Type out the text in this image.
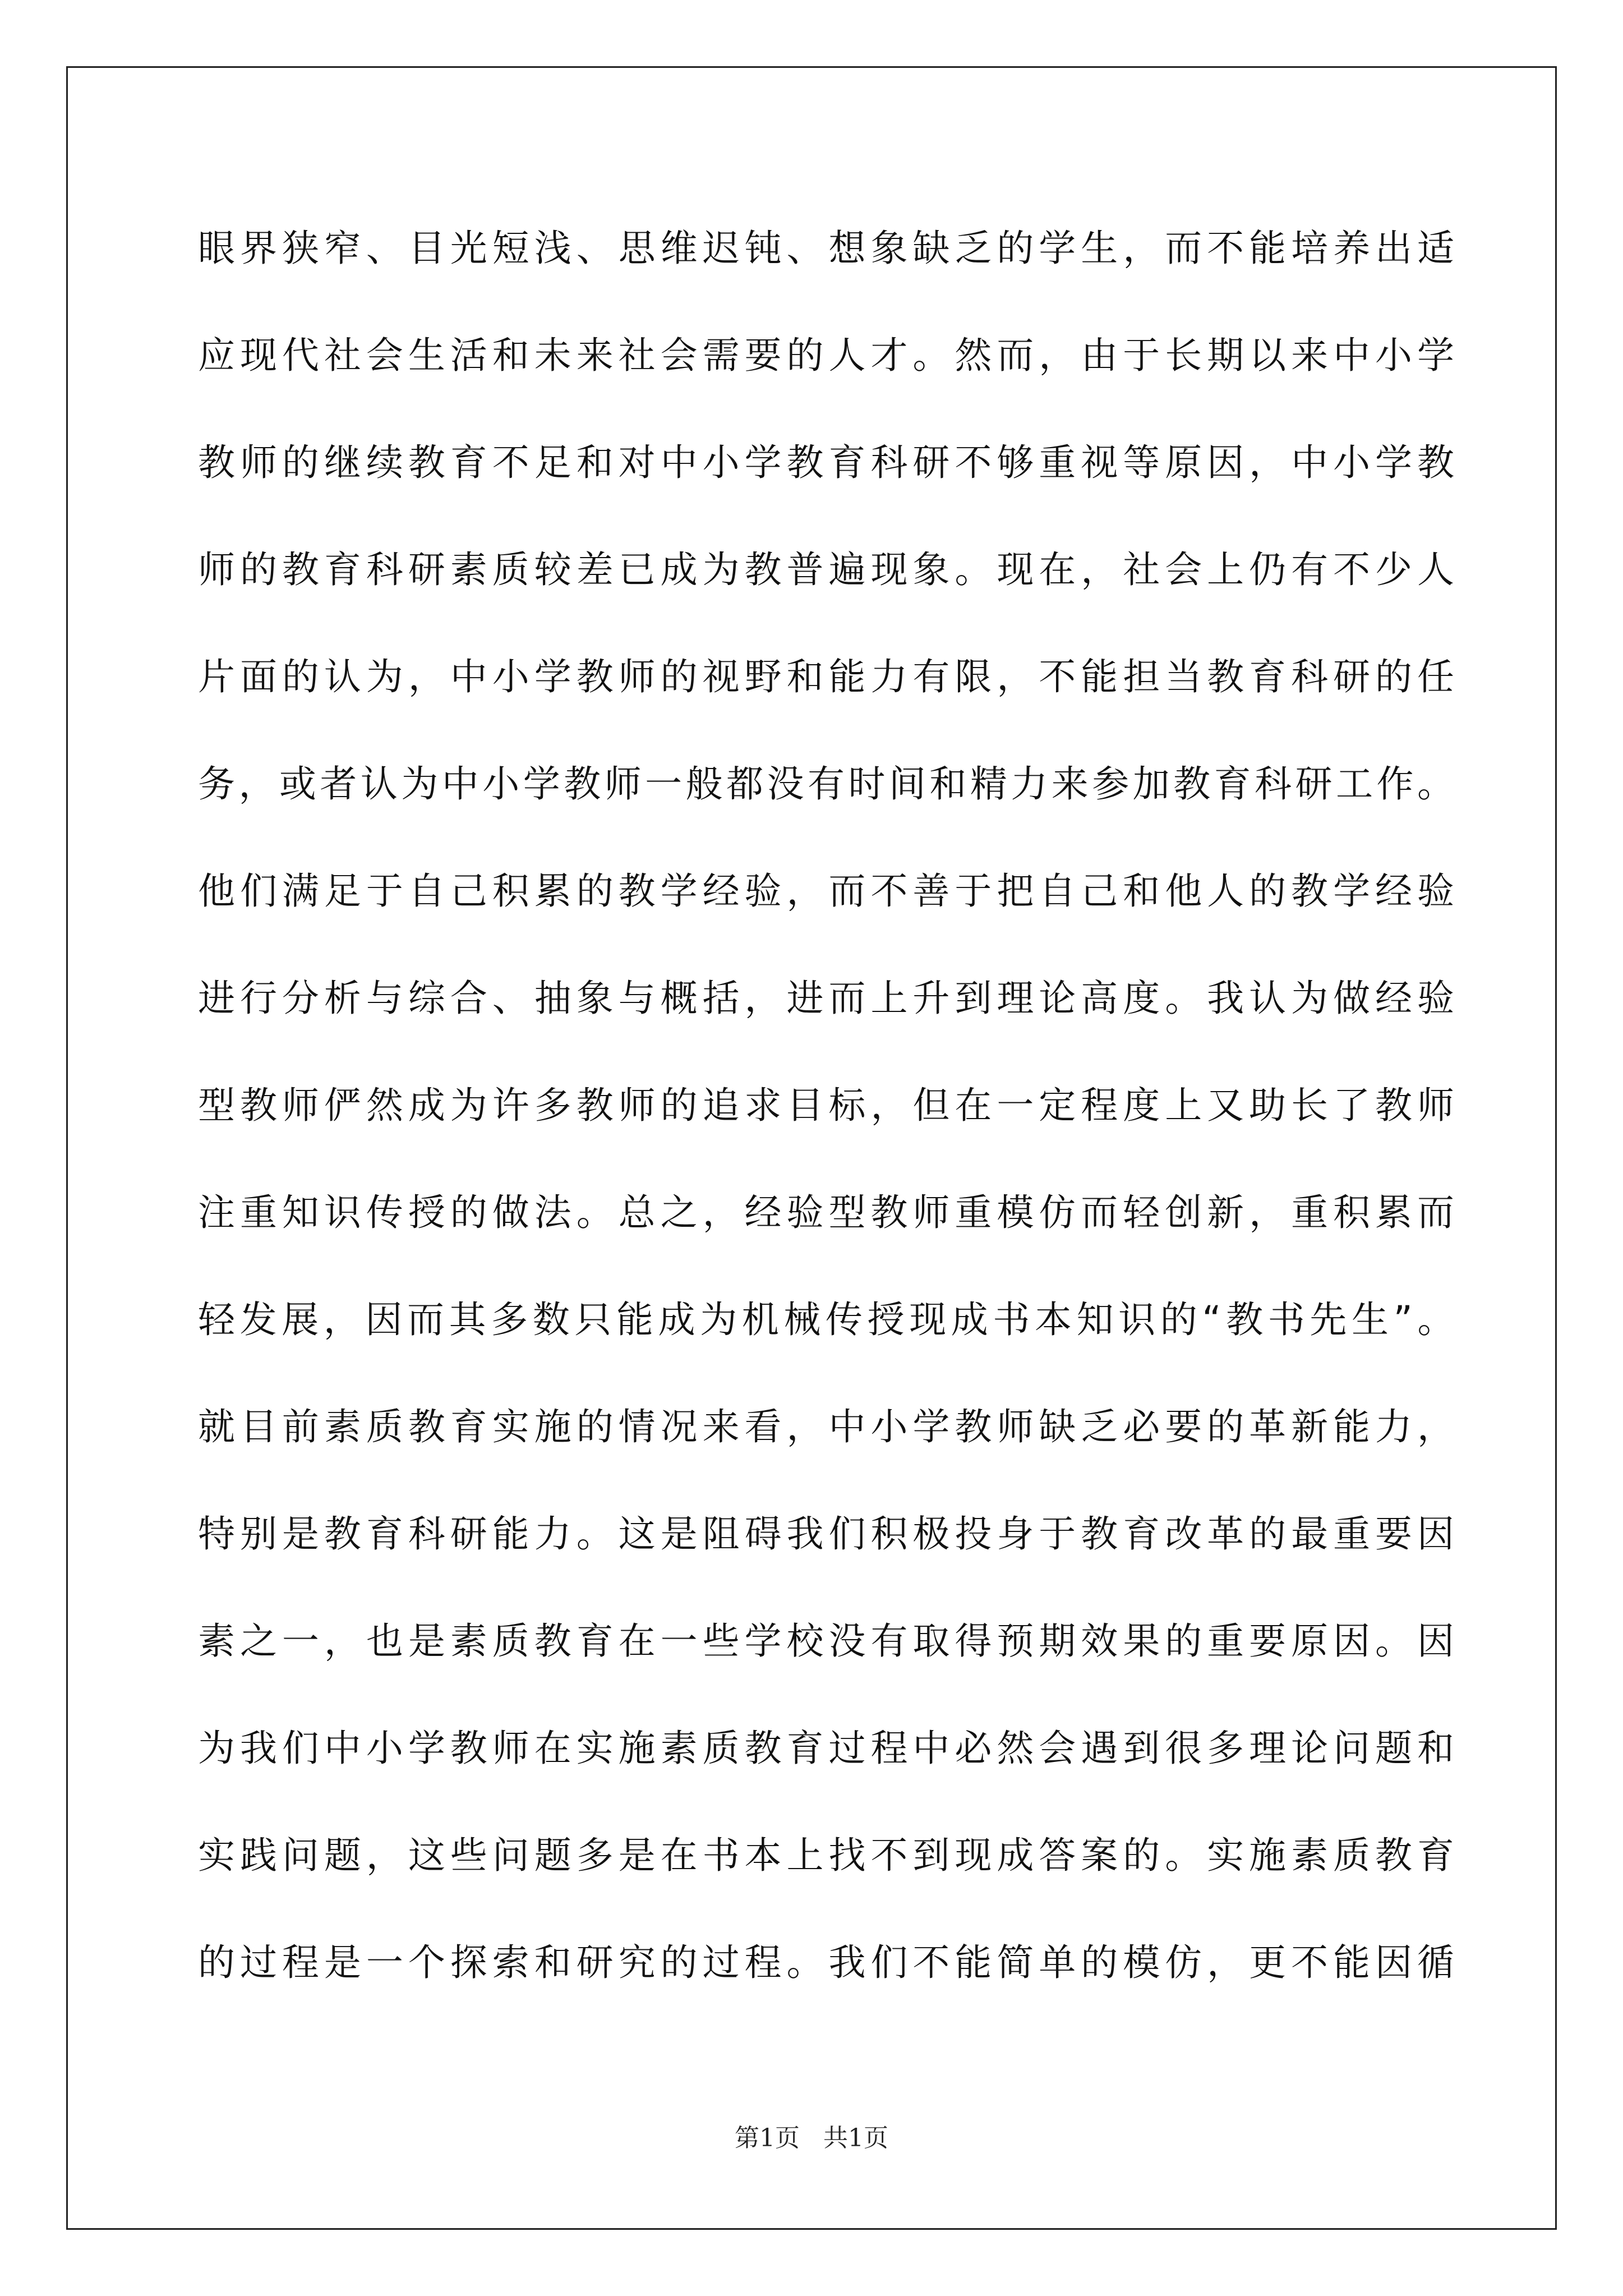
眼界狭窄、目光短浅、思维迟钝、想象缺乏的学生，而不能培养出适
应现代社会生活和未来社会需要的人才。然而，由于长期以来中小学
教师的继续教育不足和对中小学教育科研不够重视等原因，中小学教
师的教育科研素质较差已成为教普遍现象。现在，社会上仍有不少人
片面的认为，中小学教师的视野和能力有限，不能担当教育科研的任
务，或者认为中小学教师一般都没有时间和精力来参加教育科研工作。
他们满足于自己积累的教学经验，而不善于把自己和他人的教学经验
进行分析与综合、抽象与概括，进而上升到理论高度。我认为做经验
型教师俨然成为许多教师的追求目标，但在一定程度上又助长了教师
注重知识传授的做法。总之，经验型教师重模仿而轻创新，重积累而
轻发展，因而其多数只能成为机械传授现成书本知识的“教书先生”。
就目前素质教育实施的情况来看，中小学教师缺乏必要的革新能力，
特别是教育科研能力。这是阻碍我们积极投身于教育改革的最重要因
素之一，也是素质教育在一些学校没有取得预期效果的重要原因。因
为我们中小学教师在实施素质教育过程中必然会遇到很多理论问题和
实践问题，这些问题多是在书本上找不到现成答案的。实施素质教育
的过程是一个探索和研究的过程。我们不能简单的模仿，更不能因循
第1页   共1页
